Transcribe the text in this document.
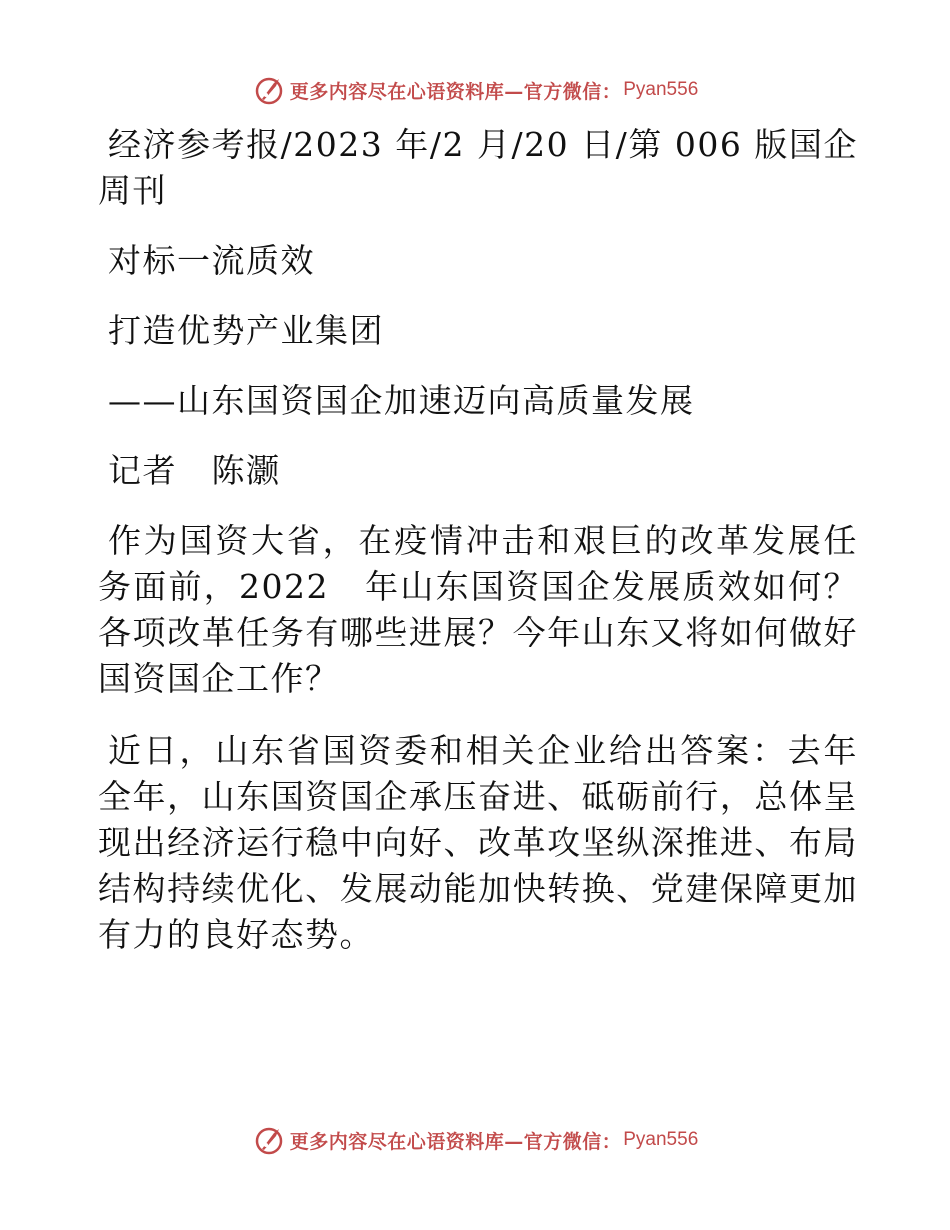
更多内容尽在心语资料库—官方微信： Pyan556

经济参考报/2023 年/2 月/20 日/第 006 版国企周刊

对标一流质效

打造优势产业集团

——山东国资国企加速迈向高质量发展

记者　陈灏

作为国资大省，在疫情冲击和艰巨的改革发展任务面前，2022　年山东国资国企发展质效如何？各项改革任务有哪些进展？今年山东又将如何做好国资国企工作？

近日，山东省国资委和相关企业给出答案：去年全年，山东国资国企承压奋进、砥砺前行，总体呈现出经济运行稳中向好、改革攻坚纵深推进、布局结构持续优化、发展动能加快转换、党建保障更加有力的良好态势。

更多内容尽在心语资料库—官方微信： Pyan556
